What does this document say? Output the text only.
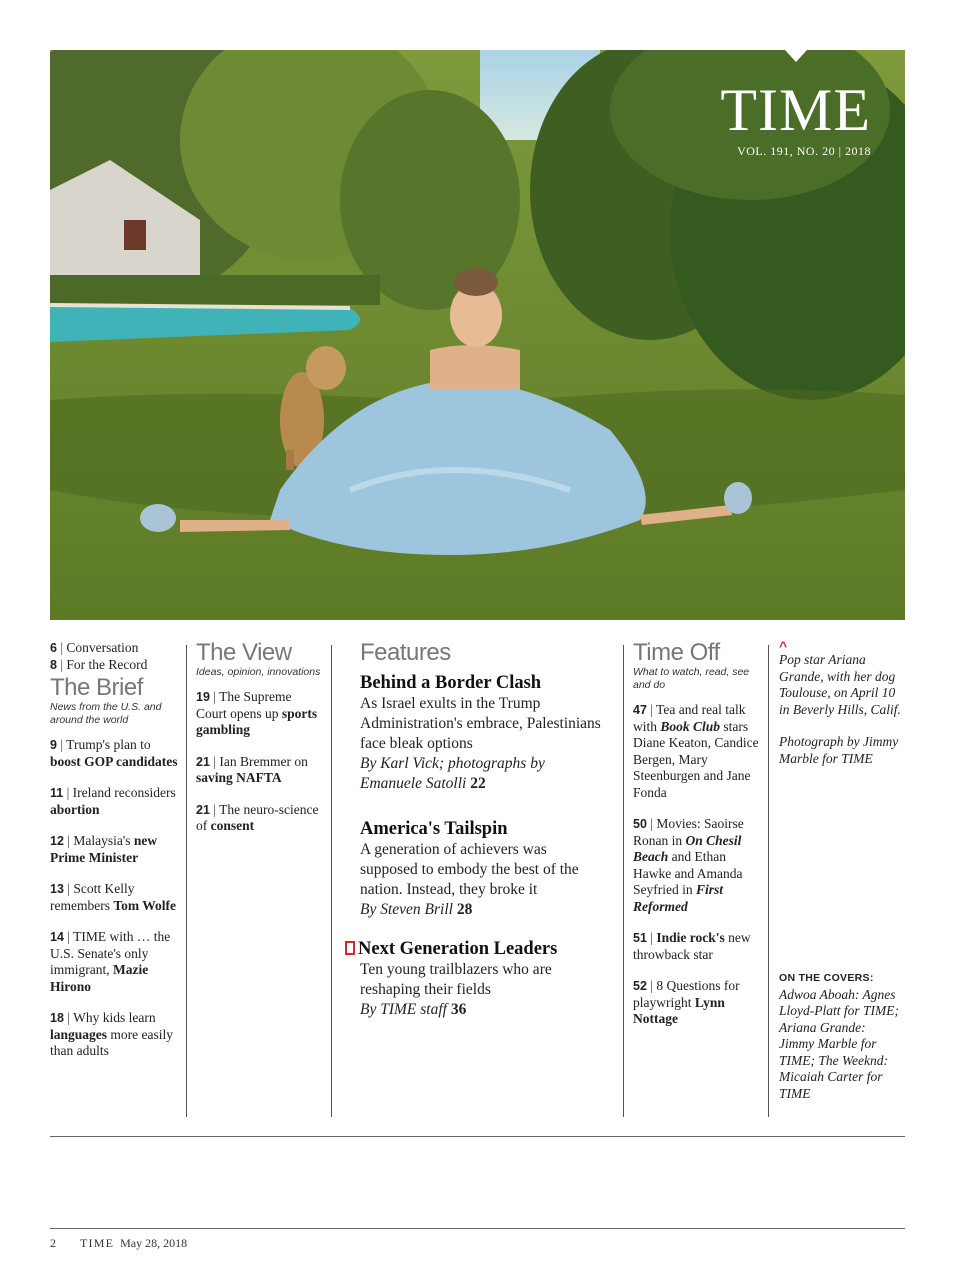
TIME
VOL. 191, NO. 20 | 2018
6 | Conversation
8 | For the Record
The Brief
News from the U.S. and around the world
9 | Trump's plan to boost GOP candidates
11 | Ireland reconsiders abortion
12 | Malaysia's new Prime Minister
13 | Scott Kelly remembers Tom Wolfe
14 | TIME with … the U.S. Senate's only immigrant, Mazie Hirono
18 | Why kids learn languages more easily than adults
The View
Ideas, opinion, innovations
19 | The Supreme Court opens up sports gambling
21 | Ian Bremmer on saving NAFTA
21 | The neuro-science of consent
Features
Behind a Border Clash
As Israel exults in the Trump Administration's embrace, Palestinians face bleak options
By Karl Vick; photographs by Emanuele Satolli 22
America's Tailspin
A generation of achievers was supposed to embody the best of the nation. Instead, they broke it
By Steven Brill 28
Next Generation Leaders
Ten young trailblazers who are reshaping their fields
By TIME staff 36
Time Off
What to watch, read, see and do
47 | Tea and real talk with Book Club stars Diane Keaton, Candice Bergen, Mary Steenburgen and Jane Fonda
50 | Movies: Saoirse Ronan in On Chesil Beach and Ethan Hawke and Amanda Seyfried in First Reformed
51 | Indie rock's new throwback star
52 | 8 Questions for playwright Lynn Nottage
^
Pop star Ariana Grande, with her dog Toulouse, on April 10 in Beverly Hills, Calif.
Photograph by Jimmy Marble for TIME
ON THE COVERS:
Adwoa Aboah: Agnes Lloyd-Platt for TIME; Ariana Grande: Jimmy Marble for TIME; The Weeknd: Micaiah Carter for TIME
2 TIME May 28, 2018
